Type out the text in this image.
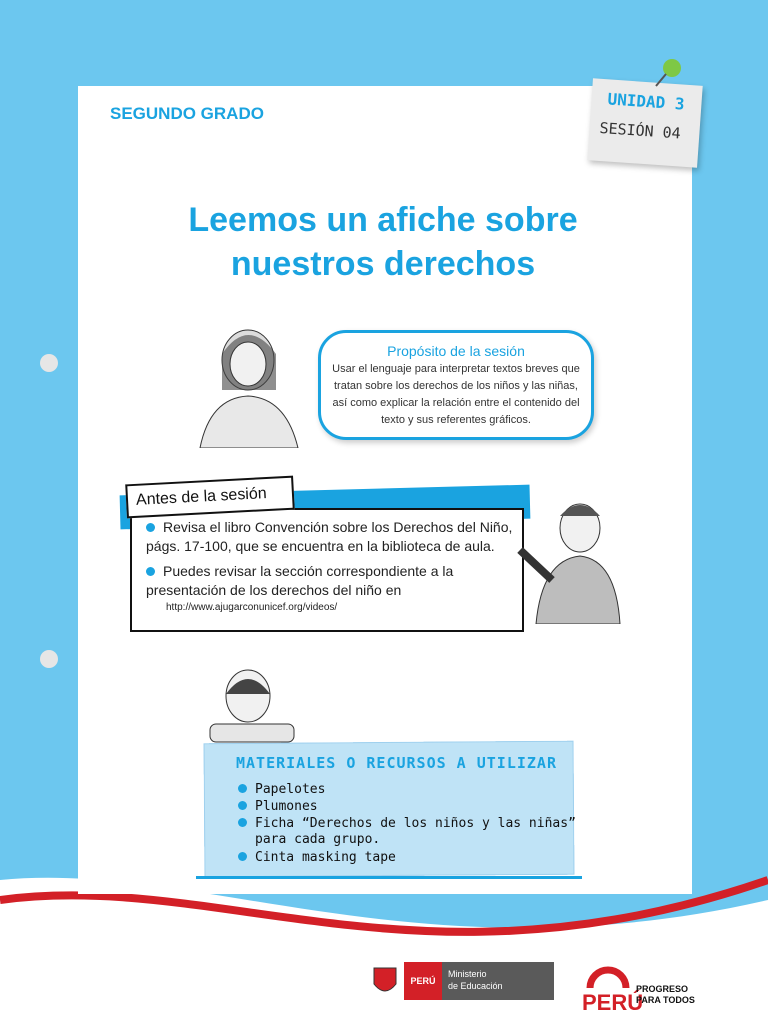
SEGUNDO GRADO	UNIDAD 3
SESIÓN 04
Leemos un afiche sobre
nuestros derechos
Propósito de la sesión
Usar el lenguaje para interpretar textos breves que tratan sobre los derechos de los niños y las niñas, así como explicar la relación entre el contenido del texto y sus referentes gráficos.
Antes de la sesión
Revisa el libro Convención sobre los Derechos del Niño, págs. 17-100, que se encuentra en la biblioteca de aula.
Puedes revisar la sección correspondiente a la presentación de los derechos del niño en
http://www.ajugarconunicef.org/videos/
MATERIALES O RECURSOS A UTILIZAR
Papelotes
Plumones
Ficha “Derechos de los niños y las niñas”
para cada grupo.
Cinta masking tape
PERÚ
Ministerio
de Educación
PERÚ
PROGRESO
PARA TODOS
